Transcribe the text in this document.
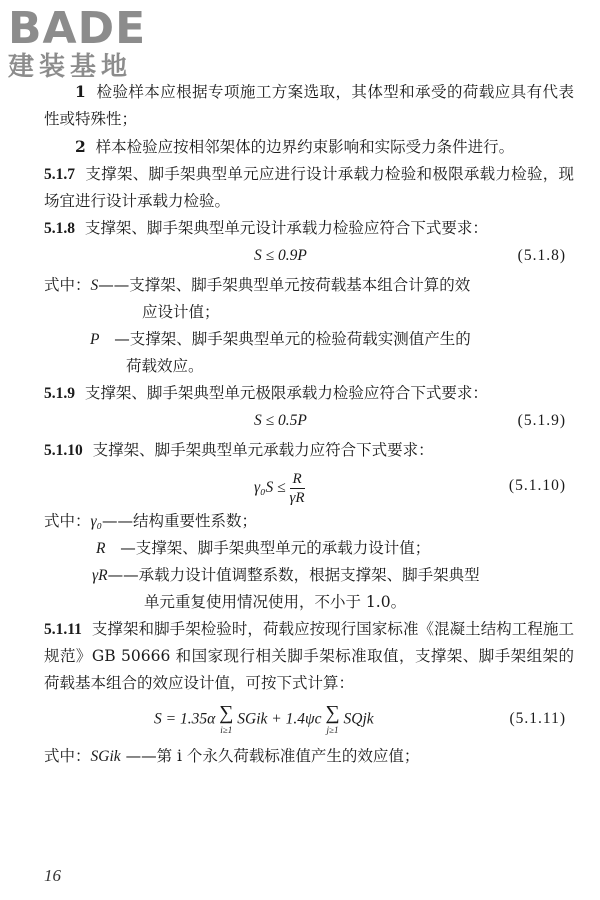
BADE
建装基地

1 检验样本应根据专项施工方案选取，其体型和承受的荷载应具有代表性或特殊性；

2 样本检验应按相邻架体的边界约束影响和实际受力条件进行。

5.1.7 支撑架、脚手架典型单元应进行设计承载力检验和极限承载力检验，现场宜进行设计承载力检验。

5.1.8 支撑架、脚手架典型单元设计承载力检验应符合下式要求：

S ≤ 0.9P	(5.1.8)
式中：S——支撑架、脚手架典型单元按荷载基本组合计算的效
应设计值；
P —支撑架、脚手架典型单元的检验荷载实测值产生的
荷载效应。

5.1.9 支撑架、脚手架典型单元极限承载力检验应符合下式要求：

S ≤ 0.5P	(5.1.9)

5.1.10 支撑架、脚手架典型单元承载力应符合下式要求：

$\gamma_0S \le \frac{R}{\gamma R}$	(5.1.10)
式中：γ₀——结构重要性系数；
R —支撑架、脚手架典型单元的承载力设计值；
γR——承载力设计值调整系数，根据支撑架、脚手架典型
单元重复使用情况使用，不小于 1.0。

5.1.11 支撑架和脚手架检验时，荷载应按现行国家标准《混凝土结构工程施工规范》GB 50666 和国家现行相关脚手架标准取值，支撑架、脚手架组架的荷载基本组合的效应设计值，可按下式计算：

S = 1.35α ∑
i≥1
SGik + 1.4ψc ∑
j≥1
SQjk	(5.1.11)
式中：SGik ——第 i 个永久荷载标准值产生的效应值；
16
